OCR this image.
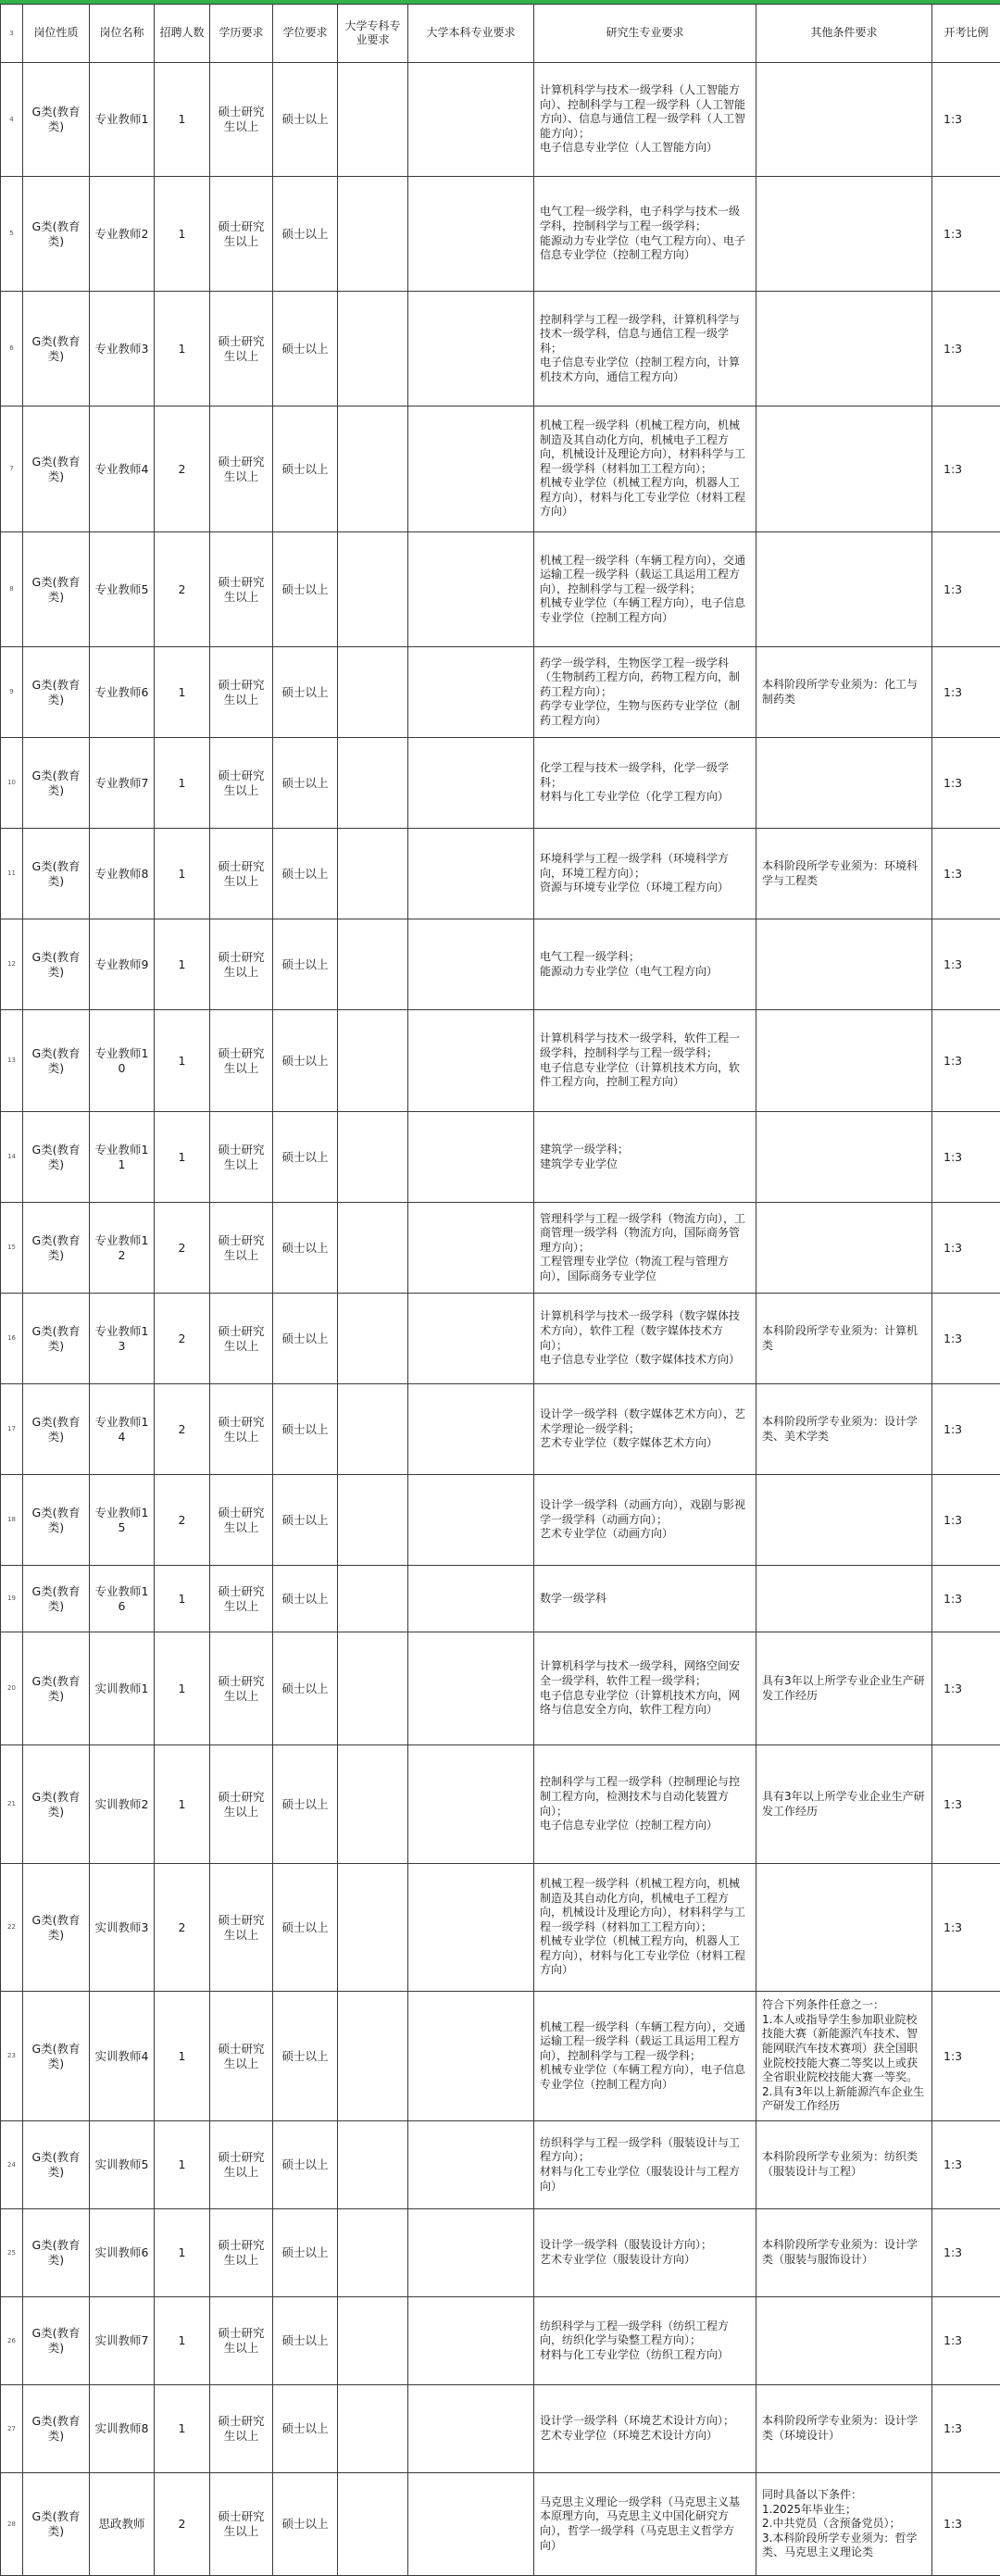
3	岗位性质	岗位名称	招聘人数	学历要求	学位要求	大学专科专业要求	大学本科专业要求	研究生专业要求	其他条件要求	开考比例
4	G类(教育类)	专业教师1	1	硕士研究生以上	硕士以上			计算机科学与技术一级学科（人工智能方向）、控制科学与工程一级学科（人工智能方向）、信息与通信工程一级学科（人工智能方向）；
电子信息专业学位（人工智能方向）		1:3
5	G类(教育类)	专业教师2	1	硕士研究生以上	硕士以上			电气工程一级学科，电子科学与技术一级学科，控制科学与工程一级学科；
能源动力专业学位（电气工程方向）、电子信息专业学位（控制工程方向）		1:3
6	G类(教育类)	专业教师3	1	硕士研究生以上	硕士以上			控制科学与工程一级学科，计算机科学与技术一级学科，信息与通信工程一级学科；
电子信息专业学位（控制工程方向，计算机技术方向，通信工程方向）		1:3
7	G类(教育类)	专业教师4	2	硕士研究生以上	硕士以上			机械工程一级学科（机械工程方向，机械制造及其自动化方向，机械电子工程方向，机械设计及理论方向），材料科学与工程一级学科（材料加工工程方向）；
机械专业学位（机械工程方向，机器人工程方向），材料与化工专业学位（材料工程方向）		1:3
8	G类(教育类)	专业教师5	2	硕士研究生以上	硕士以上			机械工程一级学科（车辆工程方向），交通运输工程一级学科（载运工具运用工程方向），控制科学与工程一级学科；
机械专业学位（车辆工程方向），电子信息专业学位（控制工程方向）		1:3
9	G类(教育类)	专业教师6	1	硕士研究生以上	硕士以上			药学一级学科，生物医学工程一级学科（生物制药工程方向，药物工程方向，制药工程方向）；
药学专业学位，生物与医药专业学位（制药工程方向）	本科阶段所学专业须为：化工与制药类	1:3
10	G类(教育类)	专业教师7	1	硕士研究生以上	硕士以上			化学工程与技术一级学科，化学一级学科；
材料与化工专业学位（化学工程方向）		1:3
11	G类(教育类)	专业教师8	1	硕士研究生以上	硕士以上			环境科学与工程一级学科（环境科学方向，环境工程方向）；
资源与环境专业学位（环境工程方向）	本科阶段所学专业须为：环境科学与工程类	1:3
12	G类(教育类)	专业教师9	1	硕士研究生以上	硕士以上			电气工程一级学科；
能源动力专业学位（电气工程方向）		1:3
13	G类(教育类)	专业教师10	1	硕士研究生以上	硕士以上			计算机科学与技术一级学科，软件工程一级学科，控制科学与工程一级学科；
电子信息专业学位（计算机技术方向，软件工程方向，控制工程方向）		1:3
14	G类(教育类)	专业教师11	1	硕士研究生以上	硕士以上			建筑学一级学科；
建筑学专业学位		1:3
15	G类(教育类)	专业教师12	2	硕士研究生以上	硕士以上			管理科学与工程一级学科（物流方向），工商管理一级学科（物流方向，国际商务管理方向）；
工程管理专业学位（物流工程与管理方向），国际商务专业学位		1:3
16	G类(教育类)	专业教师13	2	硕士研究生以上	硕士以上			计算机科学与技术一级学科（数字媒体技术方向），软件工程（数字媒体技术方向）；
电子信息专业学位（数字媒体技术方向）	本科阶段所学专业须为：计算机类	1:3
17	G类(教育类)	专业教师14	2	硕士研究生以上	硕士以上			设计学一级学科（数字媒体艺术方向），艺术学理论一级学科；
艺术专业学位（数字媒体艺术方向）	本科阶段所学专业须为：设计学类、美术学类	1:3
18	G类(教育类)	专业教师15	2	硕士研究生以上	硕士以上			设计学一级学科（动画方向），戏剧与影视学一级学科（动画方向）；
艺术专业学位（动画方向）		1:3
19	G类(教育类)	专业教师16	1	硕士研究生以上	硕士以上			数学一级学科		1:3
20	G类(教育类)	实训教师1	1	硕士研究生以上	硕士以上			计算机科学与技术一级学科，网络空间安全一级学科，软件工程一级学科；
电子信息专业学位（计算机技术方向，网络与信息安全方向，软件工程方向）	具有3年以上所学专业企业生产研发工作经历	1:3
21	G类(教育类)	实训教师2	1	硕士研究生以上	硕士以上			控制科学与工程一级学科（控制理论与控制工程方向，检测技术与自动化装置方向）；
电子信息专业学位（控制工程方向）	具有3年以上所学专业企业生产研发工作经历	1:3
22	G类(教育类)	实训教师3	2	硕士研究生以上	硕士以上			机械工程一级学科（机械工程方向，机械制造及其自动化方向，机械电子工程方向，机械设计及理论方向），材料科学与工程一级学科（材料加工工程方向）；
机械专业学位（机械工程方向，机器人工程方向），材料与化工专业学位（材料工程方向）		1:3
23	G类(教育类)	实训教师4	1	硕士研究生以上	硕士以上			机械工程一级学科（车辆工程方向），交通运输工程一级学科（载运工具运用工程方向），控制科学与工程一级学科；
机械专业学位（车辆工程方向），电子信息专业学位（控制工程方向）	符合下列条件任意之一：
1.本人或指导学生参加职业院校技能大赛（新能源汽车技术、智能网联汽车技术赛项）获全国职业院校技能大赛二等奖以上或获全省职业院校技能大赛一等奖。
2.具有3年以上新能源汽车企业生产研发工作经历	1:3
24	G类(教育类)	实训教师5	1	硕士研究生以上	硕士以上			纺织科学与工程一级学科（服装设计与工程方向）；
材料与化工专业学位（服装设计与工程方向）	本科阶段所学专业须为：纺织类（服装设计与工程）	1:3
25	G类(教育类)	实训教师6	1	硕士研究生以上	硕士以上			设计学一级学科（服装设计方向）；
艺术专业学位（服装设计方向）	本科阶段所学专业须为：设计学类（服装与服饰设计）	1:3
26	G类(教育类)	实训教师7	1	硕士研究生以上	硕士以上			纺织科学与工程一级学科（纺织工程方向，纺织化学与染整工程方向）；
材料与化工专业学位（纺织工程方向）		1:3
27	G类(教育类)	实训教师8	1	硕士研究生以上	硕士以上			设计学一级学科（环境艺术设计方向）；
艺术专业学位（环境艺术设计方向）	本科阶段所学专业须为：设计学类（环境设计）	1:3
28	G类(教育类)	思政教师	2	硕士研究生以上	硕士以上			马克思主义理论一级学科（马克思主义基本原理方向，马克思主义中国化研究方向），哲学一级学科（马克思主义哲学方向）	同时具备以下条件：
1.2025年毕业生；
2.中共党员（含预备党员）；
3.本科阶段所学专业须为：哲学类、马克思主义理论类	1:3
